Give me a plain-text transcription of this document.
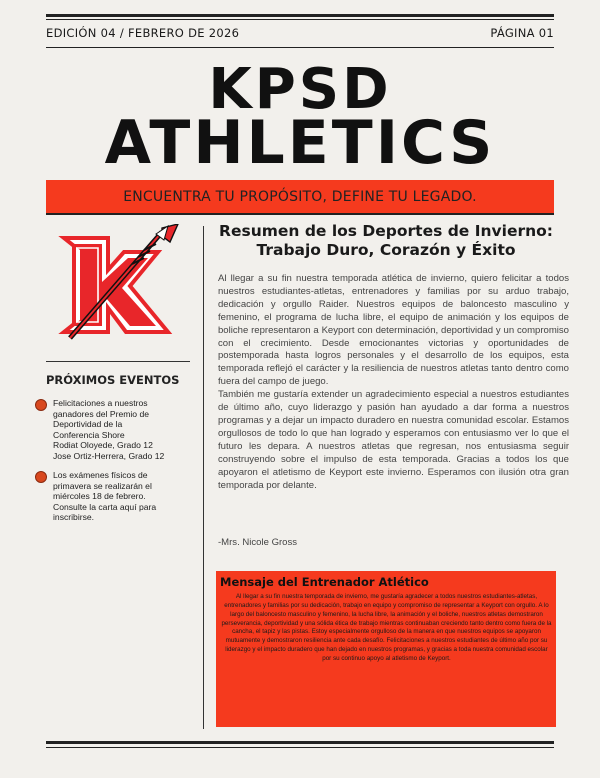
EDICIÓN 04 / FEBRERO DE 2026	PÁGINA 01
KPSD
ATHLETICS
ENCUENTRA TU PROPÓSITO, DEFINE TU LEGADO.
PRÓXIMOS EVENTOS
Felicitaciones a nuestros
ganadores del Premio de
Deportividad de la
Conferencia Shore
Rodiat Oloyede, Grado 12
Jose Ortiz-Herrera, Grado 12
Los exámenes físicos de
primavera se realizarán el
miércoles 18 de febrero.
Consulte la carta aquí para
inscribirse.
Resumen de los Deportes de Invierno:
Trabajo Duro, Corazón y Éxito

Al llegar a su fin nuestra temporada atlética de invierno, quiero felicitar a todos nuestros estudiantes-atletas, entrenadores y familias por su arduo trabajo, dedicación y orgullo Raider. Nuestros equipos de baloncesto masculino y femenino, el programa de lucha libre, el equipo de animación y los equipos de boliche representaron a Keyport con determinación, deportividad y un compromiso con el crecimiento. Desde emocionantes victorias y oportunidades de postemporada hasta logros personales y el desarrollo de los equipos, esta temporada reflejó el carácter y la resiliencia de nuestros atletas tanto dentro como fuera del campo de juego.

También me gustaría extender un agradecimiento especial a nuestros estudiantes de último año, cuyo liderazgo y pasión han ayudado a dar forma a nuestros programas y a dejar un impacto duradero en nuestra comunidad escolar. Estamos orgullosos de todo lo que han logrado y esperamos con entusiasmo ver lo que el futuro les depara. A nuestros atletas que regresan, nos entusiasma seguir construyendo sobre el impulso de esta temporada. Gracias a todos los que apoyaron el atletismo de Keyport este invierno. Esperamos con ilusión otra gran temporada por delante.

-Mrs. Nicole Gross
Mensaje del Entrenador Atlético
Al llegar a su fin nuestra temporada de invierno, me gustaría agradecer a todos nuestros estudiantes-atletas, entrenadores y familias por su dedicación, trabajo en equipo y compromiso de representar a Keyport con orgullo. A lo largo del baloncesto masculino y femenino, la lucha libre, la animación y el boliche, nuestros atletas demostraron perseverancia, deportividad y una sólida ética de trabajo mientras continuaban creciendo tanto dentro como fuera de la cancha, el tapiz y las pistas. Estoy especialmente orgulloso de la manera en que nuestros equipos se apoyaron mutuamente y demostraron resiliencia ante cada desafío. Felicitaciones a nuestros estudiantes de último año por su liderazgo y el impacto duradero que han dejado en nuestros programas, y gracias a toda nuestra comunidad escolar por su continuo apoyo al atletismo de Keyport.
